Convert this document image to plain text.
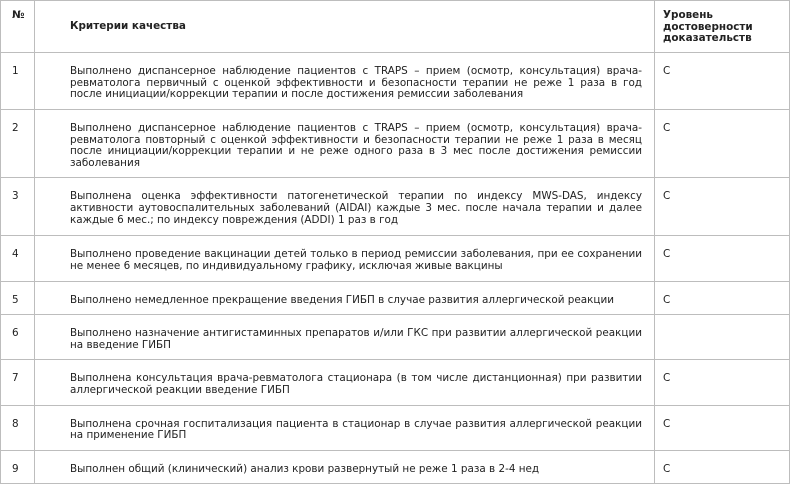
№	Критерии качества	Уровень достоверности доказательств
1	Выполнено диспансерное наблюдение пациентов с TRAPS – прием (осмотр, консультация) врача-ревматолога первичный с оценкой эффективности и безопасности терапии не реже 1 раза в год после инициации/коррекции терапии и после достижения ремиссии заболевания	С
2	Выполнено диспансерное наблюдение пациентов с TRAPS – прием (осмотр, консультация) врача-ревматолога повторный с оценкой эффективности и безопасности терапии не реже 1 раза в месяц после инициации/коррекции терапии и не реже одного раза в 3 мес после достижения ремиссии заболевания	С
3	Выполнена оценка эффективности патогенетической терапии по индексу MWS-DAS, индексу активности аутовоспалительных заболеваний (AIDAI) каждые 3 мес. после начала терапии и далее каждые 6 мес.; по индексу повреждения (ADDI) 1 раз в год	С
4	Выполнено проведение вакцинации детей только в период ремиссии заболевания, при ее сохранении не менее 6 месяцев, по индивидуальному графику, исключая живые вакцины	С
5	Выполнено немедленное прекращение введения ГИБП в случае развития аллергической реакции	С
6	Выполнено назначение антигистаминных препаратов и/или ГКС при развитии аллергической реакции на введение ГИБП	
7	Выполнена консультация врача-ревматолога стационара (в том числе дистанционная) при развитии аллергической реакции введение ГИБП	С
8	Выполнена срочная госпитализация пациента в стационар в случае развития аллергической реакции на применение ГИБП	С
9	Выполнен общий (клинический) анализ крови развернутый не реже 1 раза в 2-4 нед	С
